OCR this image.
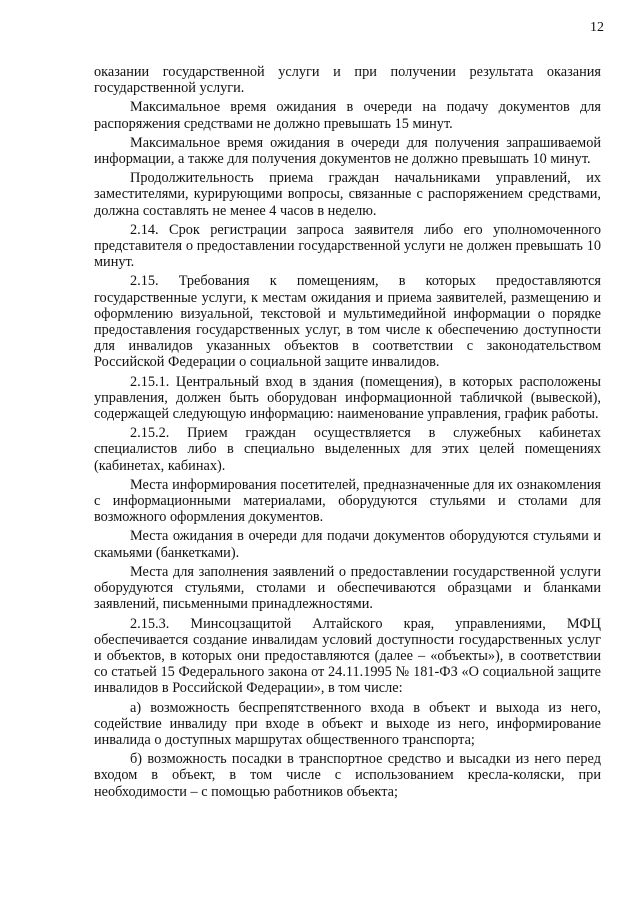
12

оказании государственной услуги и при получении результата оказания государственной услуги.

Максимальное время ожидания в очереди на подачу документов для распоряжения средствами не должно превышать 15 минут.

Максимальное время ожидания в очереди для получения запрашиваемой информации, а также для получения документов не должно превышать 10 минут.

Продолжительность приема граждан начальниками управлений, их заместителями, курирующими вопросы, связанные с распоряжением средствами, должна составлять не менее 4 часов в неделю.

2.14. Срок регистрации запроса заявителя либо его уполномоченного представителя о предоставлении государственной услуги не должен превышать 10 минут.

2.15. Требования к помещениям, в которых предоставляются государственные услуги, к местам ожидания и приема заявителей, размещению и оформлению визуальной, текстовой и мультимедийной информации о порядке предоставления государственных услуг, в том числе к обеспечению доступности для инвалидов указанных объектов в соответствии с законодательством Российской Федерации о социальной защите инвалидов.

2.15.1. Центральный вход в здания (помещения), в которых расположены управления, должен быть оборудован информационной табличкой (вывеской), содержащей следующую информацию: наименование управления, график работы.

2.15.2. Прием граждан осуществляется в служебных кабинетах специалистов либо в специально выделенных для этих целей помещениях (кабинетах, кабинах).

Места информирования посетителей, предназначенные для их ознакомления с информационными материалами, оборудуются стульями и столами для возможного оформления документов.

Места ожидания в очереди для подачи документов оборудуются стульями и скамьями (банкетками).

Места для заполнения заявлений о предоставлении государственной услуги оборудуются стульями, столами и обеспечиваются образцами и бланками заявлений, письменными принадлежностями.

2.15.3. Минсоцзащитой Алтайского края, управлениями, МФЦ обеспечивается создание инвалидам условий доступности государственных услуг и объектов, в которых они предоставляются (далее – «объекты»), в соответствии со статьей 15 Федерального закона от 24.11.1995 № 181-ФЗ «О социальной защите инвалидов в Российской Федерации», в том числе:

а) возможность беспрепятственного входа в объект и выхода из него, содействие инвалиду при входе в объект и выходе из него, информирование инвалида о доступных маршрутах общественного транспорта;

б) возможность посадки в транспортное средство и высадки из него перед входом в объект, в том числе с использованием кресла-коляски, при необходимости – с помощью работников объекта;
